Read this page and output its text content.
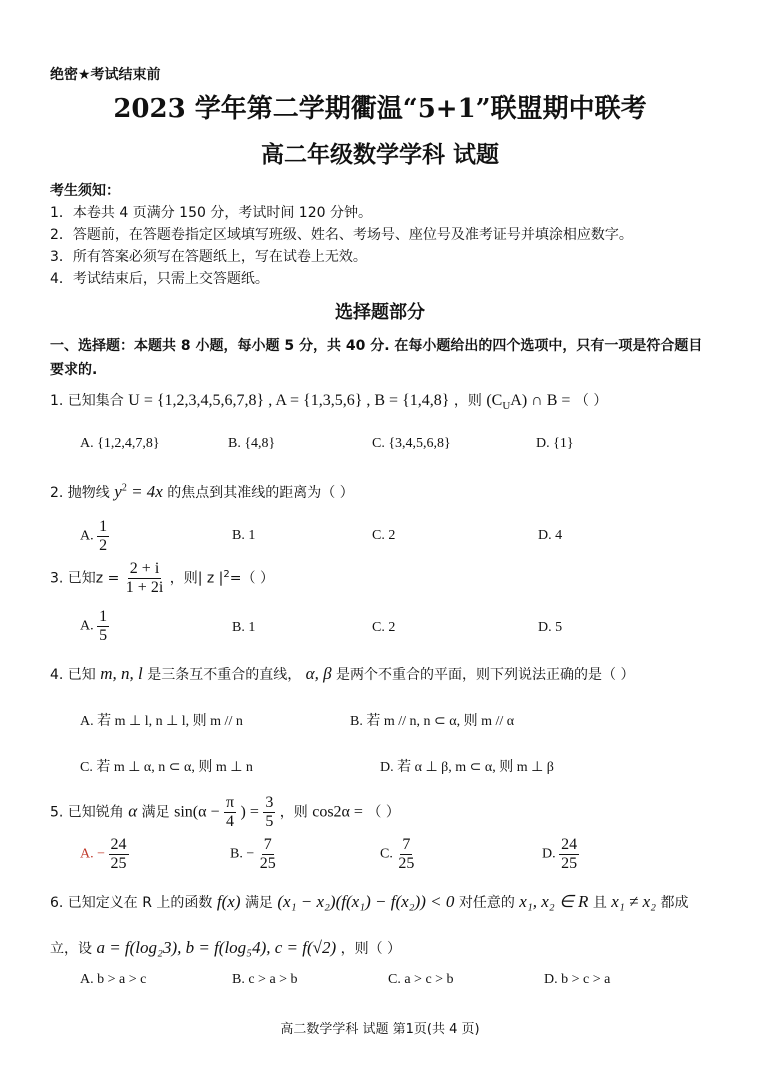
绝密★考试结束前
2023 学年第二学期衢温“5+1”联盟期中联考
高二年级数学学科 试题
考生须知：
1．本卷共 4 页满分 150 分，考试时间 120 分钟。
2．答题前，在答题卷指定区域填写班级、姓名、考场号、座位号及准考证号并填涂相应数字。
3．所有答案必须写在答题纸上，写在试卷上无效。
4．考试结束后，只需上交答题纸。
选择题部分
一、选择题：本题共 8 小题，每小题 5 分，共 40 分. 在每小题给出的四个选项中，只有一项是符合题目要求的.
1. 已知集合 U = {1,2,3,4,5,6,7,8} , A = {1,3,5,6} , B = {1,4,8} ，则 $(C_UA)$ ∩ B = （ ）
A. {1,2,4,7,8}	B. {4,8}	C. {3,4,5,6,8}	D. {1}
2. 抛物线 $y^2 = 4x$ 的焦点到其准线的距离为（ ）
A. $\frac{1}{2}$	B. 1	C. 2	D. 4
3. 已知$z = \frac{2 + i}{1 + 2i}$ ，则| z $|^2=$（ ）
A. $\frac{1}{5}$	B. 1	C. 2	D. 5
4. 已知 m, n, l 是三条互不重合的直线， α, β 是两个不重合的平面，则下列说法正确的是（ ）
A. 若 m ⊥ l, n ⊥ l, 则 m // n	B. 若 m // n, n ⊂ α, 则 m // α
C. 若 m ⊥ α, n ⊂ α, 则 m ⊥ n	D. 若 α ⊥ β, m ⊂ α, 则 m ⊥ β
5. 已知锐角 α 满足 $\sin(\alpha - \frac{\pi}{4}$ ) = $\frac{3}{5}$ ，则 cos2α = （ ）
A. − $\frac{24}{25}$	B. − $\frac{7}{25}$	C. $\frac{7}{25}$	D. $\frac{24}{25}$
6. 已知定义在 R 上的函数 f(x) 满足 (x₁ − x₂)(f(x₁) − f(x₂)) < 0 对任意的 x₁, x₂ ∈ R 且 x₁ ≠ x₂ 都成
立，设 a = f(log₂3), b = f(log₅4), c = f(√2) ，则（ ）
A. b > a > c	B. c > a > b	C. a > c > b	D. b > c > a
高二数学学科 试题 第1页(共 4 页)
